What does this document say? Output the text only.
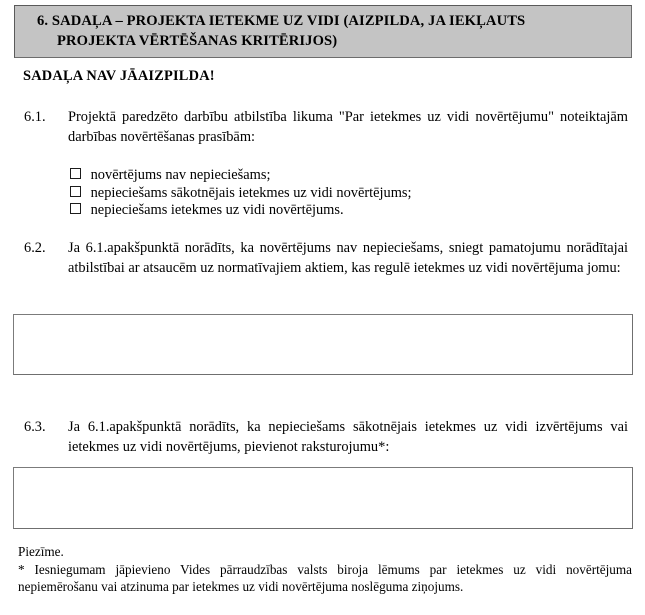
6. SADAĻA – PROJEKTA IETEKME UZ VIDI (AIZPILDA, JA IEKĻAUTS
PROJEKTA VĒRTĒŠANAS KRITĒRIJOS)
SADAĻA NAV JĀAIZPILDA!
6.1.	Projektā paredzēto darbību atbilstība likuma "Par ietekmes uz vidi novērtējumu" noteiktajām darbības novērtēšanas prasībām:
novērtējums nav nepieciešams;
nepieciešams sākotnējais ietekmes uz vidi novērtējums;
nepieciešams ietekmes uz vidi novērtējums.
6.2.	Ja 6.1.apakšpunktā norādīts, ka novērtējums nav nepieciešams, sniegt pamatojumu norādītajai atbilstībai ar atsaucēm uz normatīvajiem aktiem, kas regulē ietekmes uz vidi novērtējuma jomu:
6.3.	Ja 6.1.apakšpunktā norādīts, ka nepieciešams sākotnējais ietekmes uz vidi izvērtējums vai ietekmes uz vidi novērtējums, pievienot raksturojumu*:
Piezīme.
* Iesniegumam jāpievieno Vides pārraudzības valsts biroja lēmums par ietekmes uz vidi novērtējuma nepiemērošanu vai atzinuma par ietekmes uz vidi novērtējuma noslēguma ziņojums.
